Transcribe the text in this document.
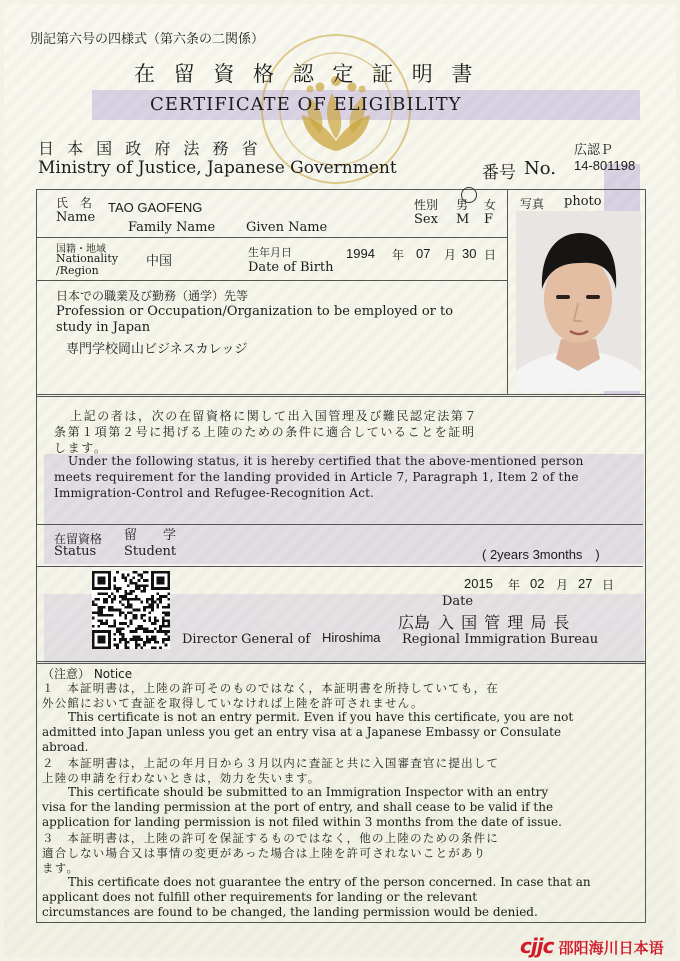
別記第六号の四様式（第六条の二関係）
在 留 資 格 認 定 証 明 書
CERTIFICATE OF ELIGIBILITY
日 本 国 政 府 法 務 省
Ministry of Justice, Japanese Government	番号 No.
広認Ｐ
14-801198
氏　名
Name
TAO GAOFENG
Family Name Given Name
性別 男 女
Sex M F
国籍・地域
Nationality
/Region
中国
生年月日
Date of Birth
1994 年 07 月 30 日
日本での職業及び勤務（通学）先等
Profession or Occupation/Organization to be employed or to
study in Japan
専門学校岡山ビジネスカレッジ
写真 photo
上記の者は，次の在留資格に関して出入国管理及び難民認定法第７
条第１項第２号に掲げる上陸のための条件に適合していることを証明
します。
Under the following status, it is hereby certified that the above-mentioned person
meets requirement for the landing provided in Article 7, Paragraph 1, Item 2 of the
Immigration-Control and Refugee-Recognition Act.
在留資格
Status
留　　学
Student	( 2years 3months　)
2015 年 02 月 27 日
Date
広島 入 国 管 理 局 長
Director General of Hiroshima Regional Immigration Bureau
（注意） Notice
１　本証明書は，上陸の許可そのものではなく，本証明書を所持していても，在
外公館において査証を取得していなければ上陸を許可されません。
This certificate is not an entry permit. Even if you have this certificate, you are not
admitted into Japan unless you get an entry visa at a Japanese Embassy or Consulate
abroad.
２　本証明書は，上記の年月日から３月以内に査証と共に入国審査官に提出して
上陸の申請を行わないときは，効力を失います。
This certificate should be submitted to an Immigration Inspector with an entry
visa for the landing permission at the port of entry, and shall cease to be valid if the
application for landing permission is not filed within 3 months from the date of issue.
３　本証明書は，上陸の許可を保証するものではなく，他の上陸のための条件に
適合しない場合又は事情の変更があった場合は上陸を許可されないことがあり
ます。
This certificate does not guarantee the entry of the person concerned. In case that an
applicant does not fulfill other requirements for landing or the relevant
circumstances are found to be changed, the landing permission would be denied.
cjjc 邵阳海川日本语
